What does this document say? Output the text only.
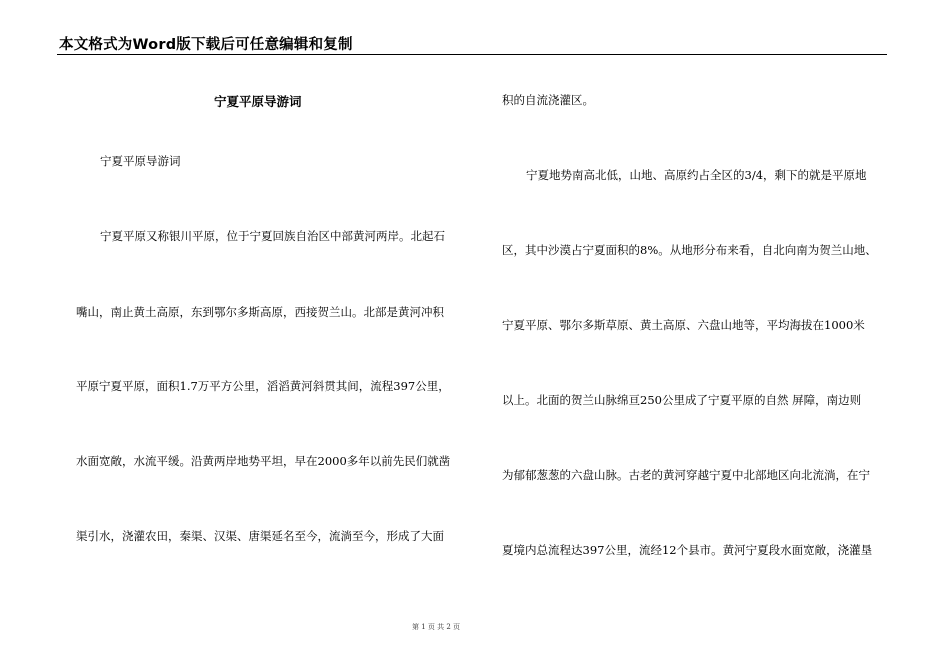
本文格式为Word版下载后可任意编辑和复制
宁夏平原导游词
宁夏平原导游词
宁夏平原又称银川平原，位于宁夏回族自治区中部黄河两岸。北起石
嘴山，南止黄土高原，东到鄂尔多斯高原，西接贺兰山。北部是黄河冲积
平原宁夏平原，面积1.7万平方公里，滔滔黄河斜贯其间，流程397公里，
水面宽敞，水流平缓。沿黄两岸地势平坦，早在2000多年以前先民们就凿
渠引水，浇灌农田，秦渠、汉渠、唐渠延名至今，流淌至今，形成了大面
积的自流浇灌区。
宁夏地势南高北低，山地、高原约占全区的3/4，剩下的就是平原地
区，其中沙漠占宁夏面积的8%。从地形分布来看，自北向南为贺兰山地、
宁夏平原、鄂尔多斯草原、黄土高原、六盘山地等，平均海拔在1000米
以上。北面的贺兰山脉绵亘250公里成了宁夏平原的自然 屏障，南边则
为郁郁葱葱的六盘山脉。古老的黄河穿越宁夏中北部地区向北流淌，在宁
夏境内总流程达397公里，流经12个县市。黄河宁夏段水面宽敞，浇灌垦
第 1 页 共 2 页
